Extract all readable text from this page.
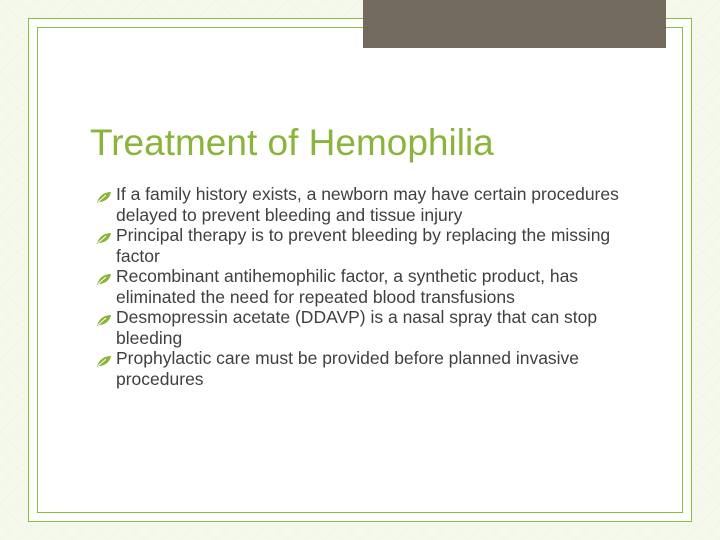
Treatment of Hemophilia
If a family history exists, a newborn may have certain procedures delayed to prevent bleeding and tissue injury
Principal therapy is to prevent bleeding by replacing the missing factor
Recombinant antihemophilic factor, a synthetic product, has eliminated the need for repeated blood transfusions
Desmopressin acetate (DDAVP) is a nasal spray that can stop bleeding
Prophylactic care must be provided before planned invasive procedures
